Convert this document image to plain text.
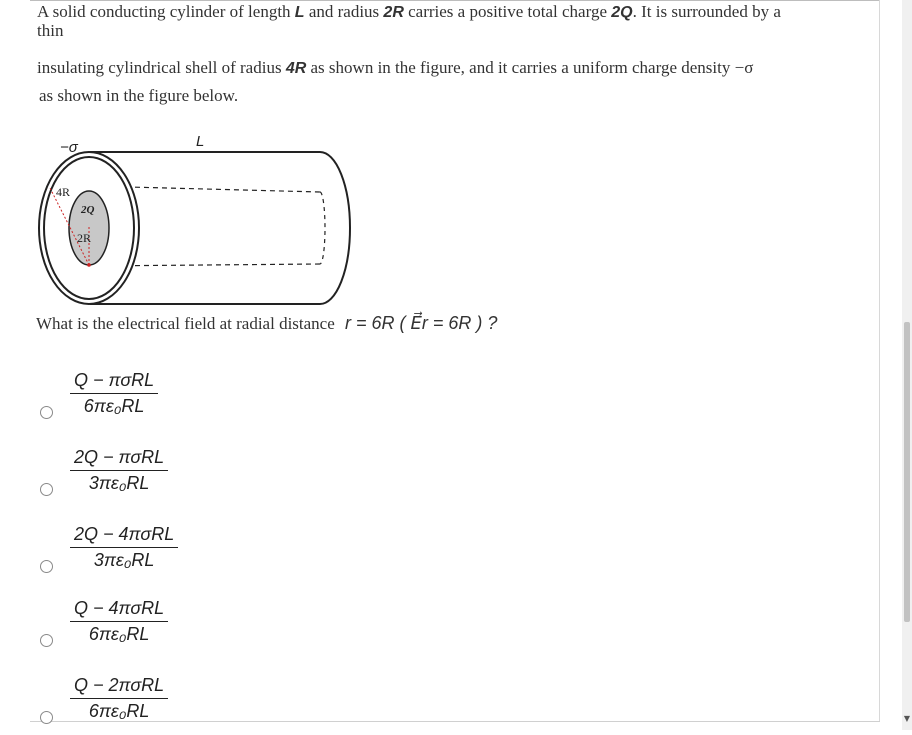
▼
A solid conducting cylinder of length L and radius 2R carries a positive total charge 2Q. It is surrounded by a
thin
insulating cylindrical shell of radius 4R as shown in the figure, and it carries a uniform charge density −σ
as shown in the figure below.
−σ	L
4R
2Q
2R
What is the electrical field at radial distance r = 6R ( E⃗r = 6R ) ?
Q − πσRL
6πε₀RL
2Q − πσRL
3πε₀RL
2Q − 4πσRL
3πε₀RL
Q − 4πσRL
6πε₀RL
Q − 2πσRL
6πε₀RL
